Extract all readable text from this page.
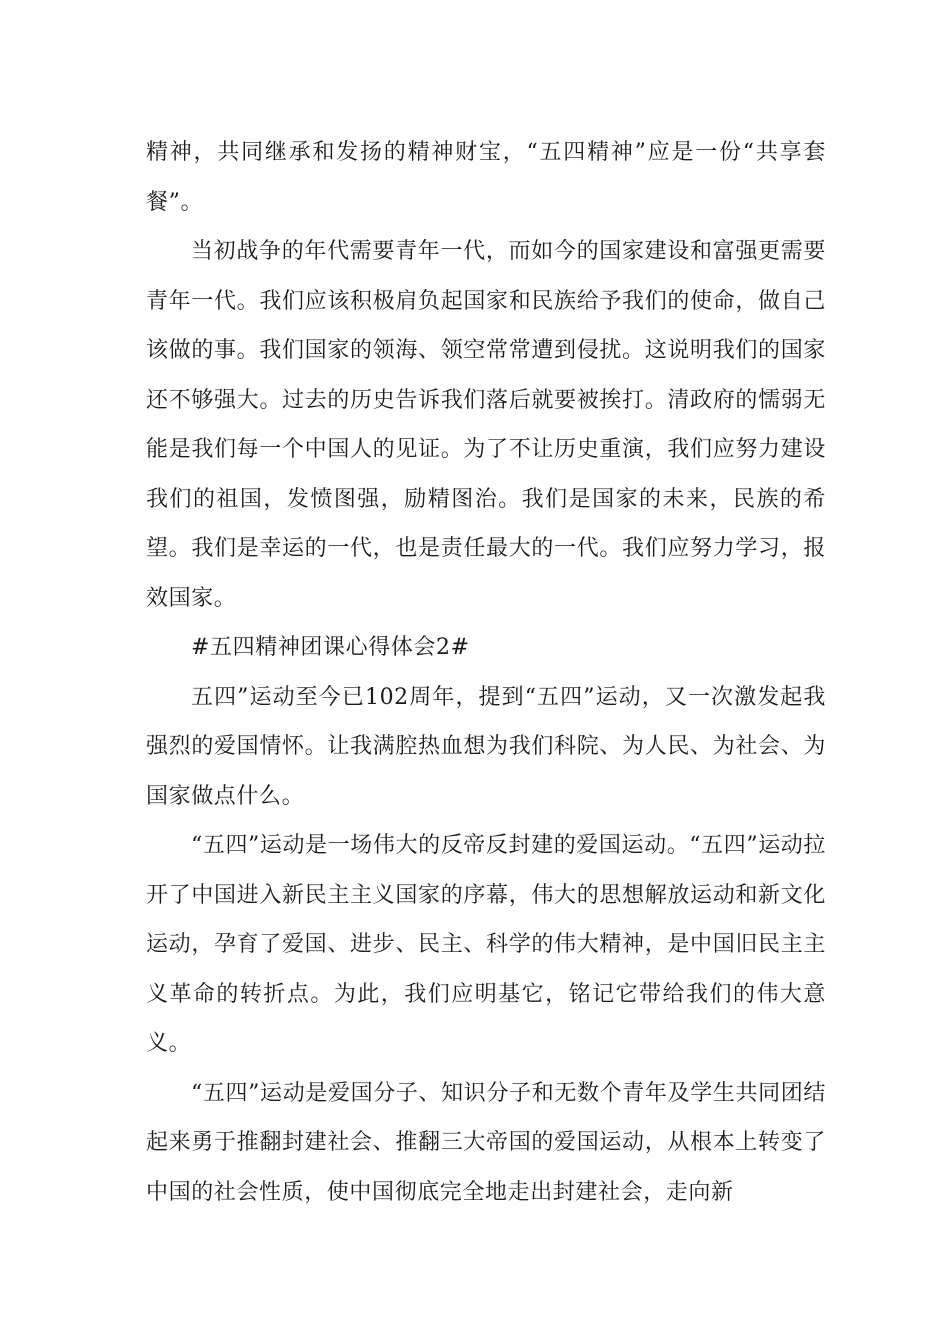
精神，共同继承和发扬的精神财宝，“五四精神”应是一份“共享套餐”。

当初战争的年代需要青年一代，而如今的国家建设和富强更需要青年一代。我们应该积极肩负起国家和民族给予我们的使命，做自己该做的事。我们国家的领海、领空常常遭到侵扰。这说明我们的国家还不够强大。过去的历史告诉我们落后就要被挨打。清政府的懦弱无能是我们每一个中国人的见证。为了不让历史重演，我们应努力建设我们的祖国，发愤图强，励精图治。我们是国家的未来，民族的希望。我们是幸运的一代，也是责任最大的一代。我们应努力学习，报效国家。

#五四精神团课心得体会2#

五四”运动至今已102周年，提到“五四”运动，又一次激发起我强烈的爱国情怀。让我满腔热血想为我们科院、为人民、为社会、为国家做点什么。

“五四”运动是一场伟大的反帝反封建的爱国运动。“五四”运动拉开了中国进入新民主主义国家的序幕，伟大的思想解放运动和新文化运动，孕育了爱国、进步、民主、科学的伟大精神，是中国旧民主主义革命的转折点。为此，我们应明基它，铭记它带给我们的伟大意义。

“五四”运动是爱国分子、知识分子和无数个青年及学生共同团结起来勇于推翻封建社会、推翻三大帝国的爱国运动，从根本上转变了中国的社会性质，使中国彻底完全地走出封建社会，走向新
